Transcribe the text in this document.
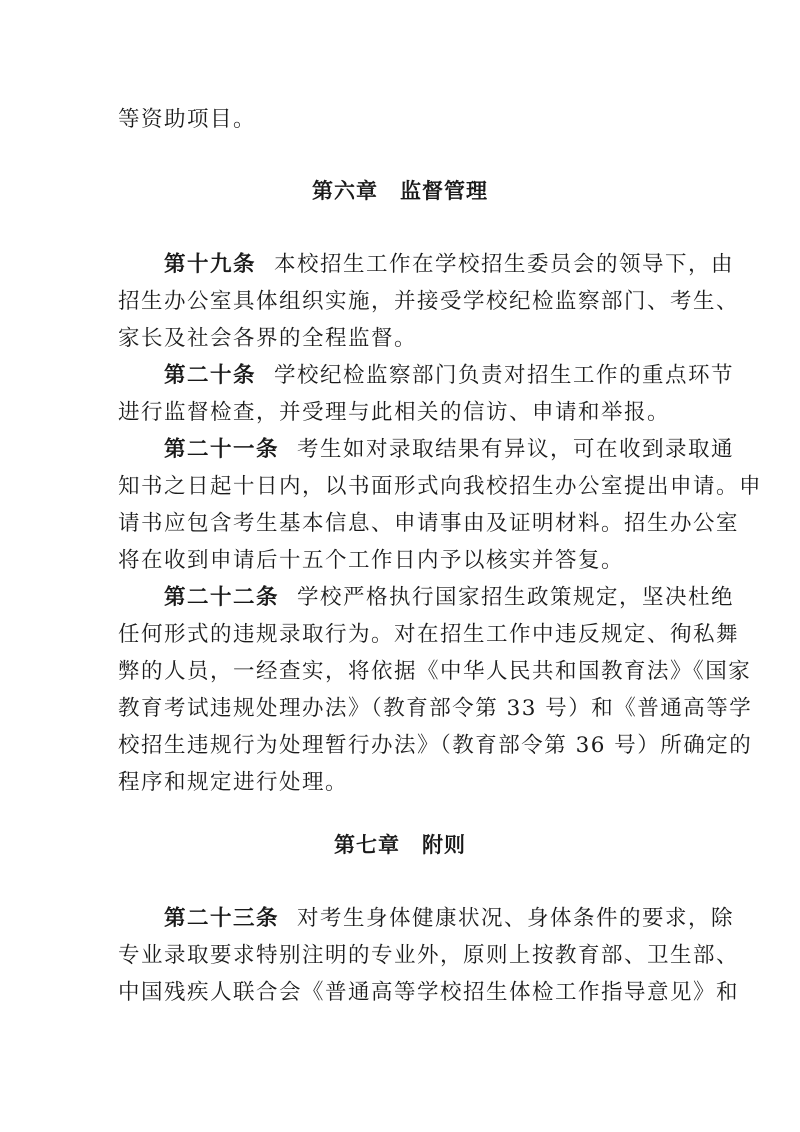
等资助项目。
第六章 监督管理
第十九条 本校招生工作在学校招生委员会的领导下，由
招生办公室具体组织实施，并接受学校纪检监察部门、考生、
家长及社会各界的全程监督。
第二十条 学校纪检监察部门负责对招生工作的重点环节
进行监督检查，并受理与此相关的信访、申请和举报。
第二十一条 考生如对录取结果有异议，可在收到录取通
知书之日起十日内，以书面形式向我校招生办公室提出申请。申
请书应包含考生基本信息、申请事由及证明材料。招生办公室
将在收到申请后十五个工作日内予以核实并答复。
第二十二条 学校严格执行国家招生政策规定，坚决杜绝
任何形式的违规录取行为。对在招生工作中违反规定、徇私舞
弊的人员，一经查实，将依据《中华人民共和国教育法》《国家
教育考试违规处理办法》（教育部令第 33 号）和《普通高等学
校招生违规行为处理暂行办法》（教育部令第 36 号）所确定的
程序和规定进行处理。
第七章 附则
第二十三条 对考生身体健康状况、身体条件的要求，除
专业录取要求特别注明的专业外，原则上按教育部、卫生部、
中国残疾人联合会《普通高等学校招生体检工作指导意见》和
